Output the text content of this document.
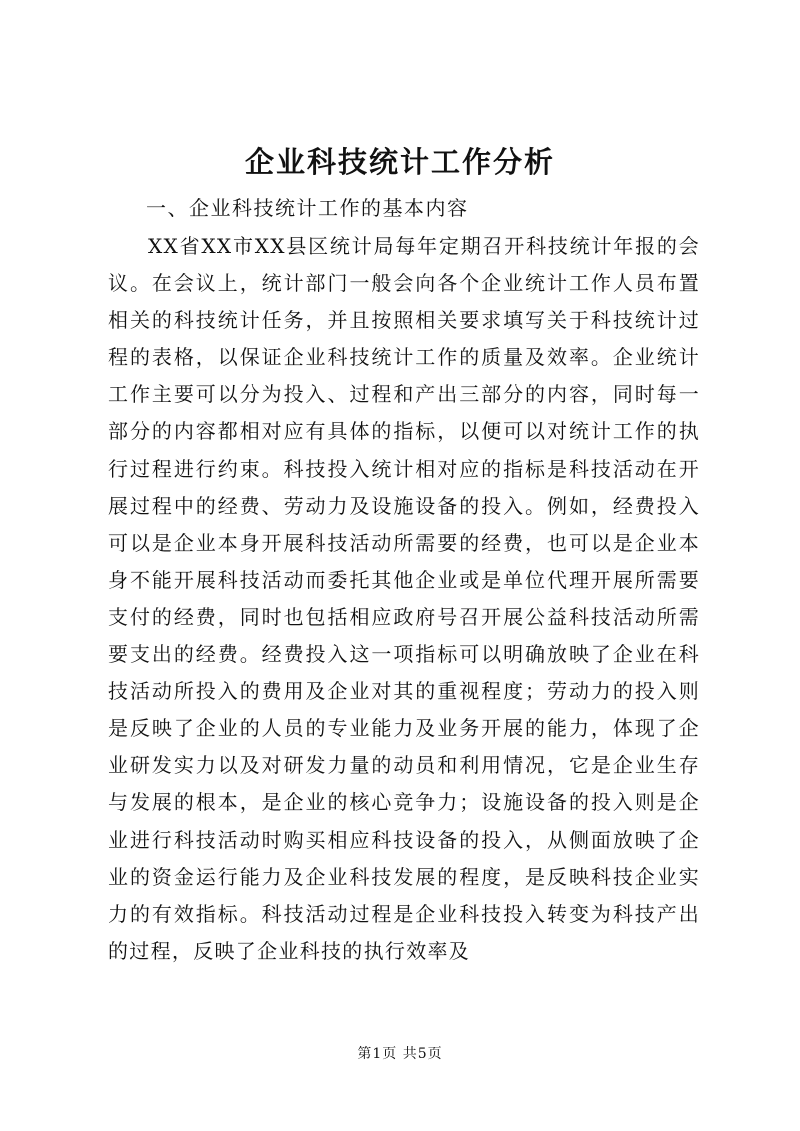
企业科技统计工作分析
一、企业科技统计工作的基本内容

XX省XX市XX县区统计局每年定期召开科技统计年报的会议。在会议上，统计部门一般会向各个企业统计工作人员布置相关的科技统计任务，并且按照相关要求填写关于科技统计过程的表格，以保证企业科技统计工作的质量及效率。企业统计工作主要可以分为投入、过程和产出三部分的内容，同时每一部分的内容都相对应有具体的指标，以便可以对统计工作的执行过程进行约束。科技投入统计相对应的指标是科技活动在开展过程中的经费、劳动力及设施设备的投入。例如，经费投入可以是企业本身开展科技活动所需要的经费，也可以是企业本身不能开展科技活动而委托其他企业或是单位代理开展所需要支付的经费，同时也包括相应政府号召开展公益科技活动所需要支出的经费。经费投入这一项指标可以明确放映了企业在科技活动所投入的费用及企业对其的重视程度；劳动力的投入则是反映了企业的人员的专业能力及业务开展的能力，体现了企业研发实力以及对研发力量的动员和利用情况，它是企业生存与发展的根本，是企业的核心竞争力；设施设备的投入则是企业进行科技活动时购买相应科技设备的投入，从侧面放映了企业的资金运行能力及企业科技发展的程度，是反映科技企业实力的有效指标。科技活动过程是企业科技投入转变为科技产出的过程，反映了企业科技的执行效率及

第1页 共5页
